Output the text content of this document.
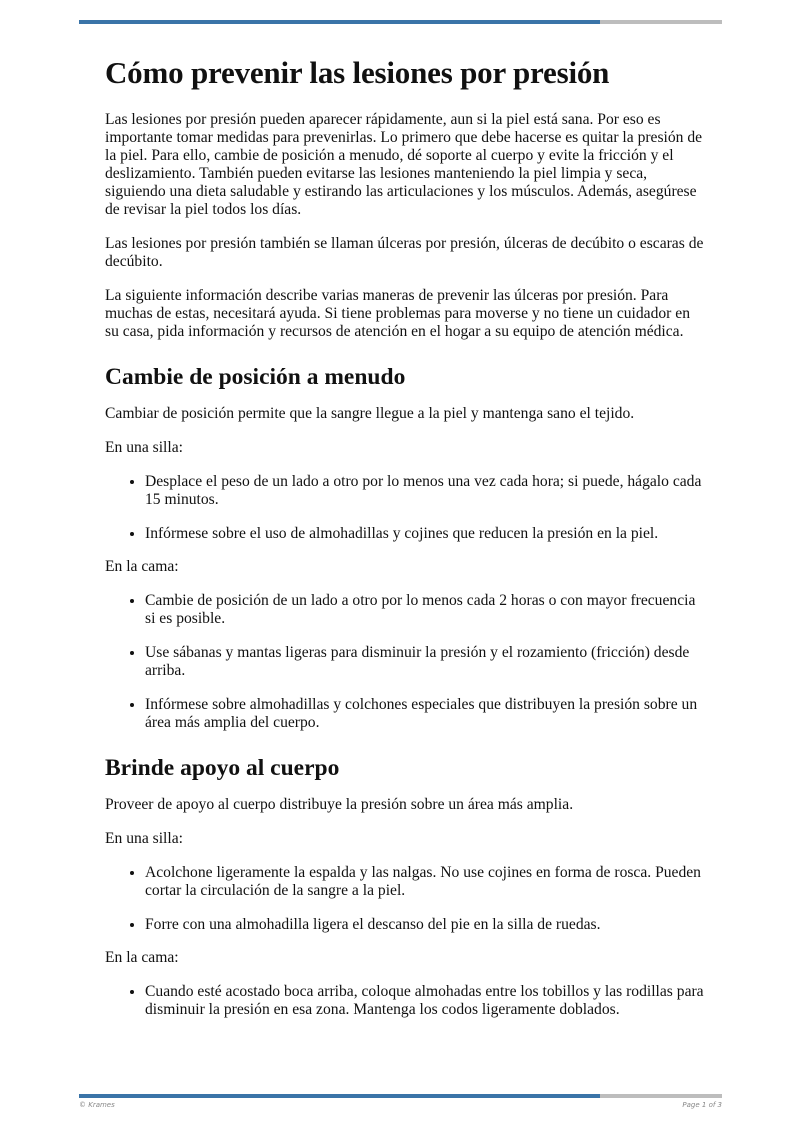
Cómo prevenir las lesiones por presión

Las lesiones por presión pueden aparecer rápidamente, aun si la piel está sana. Por eso es importante tomar medidas para prevenirlas. Lo primero que debe hacerse es quitar la presión de la piel. Para ello, cambie de posición a menudo, dé soporte al cuerpo y evite la fricción y el deslizamiento. También pueden evitarse las lesiones manteniendo la piel limpia y seca, siguiendo una dieta saludable y estirando las articulaciones y los músculos. Además, asegúrese de revisar la piel todos los días.

Las lesiones por presión también se llaman úlceras por presión, úlceras de decúbito o escaras de decúbito.

La siguiente información describe varias maneras de prevenir las úlceras por presión. Para muchas de estas, necesitará ayuda. Si tiene problemas para moverse y no tiene un cuidador en su casa, pida información y recursos de atención en el hogar a su equipo de atención médica.

Cambie de posición a menudo

Cambiar de posición permite que la sangre llegue a la piel y mantenga sano el tejido.

En una silla:

• Desplace el peso de un lado a otro por lo menos una vez cada hora; si puede, hágalo cada 15 minutos.
• Infórmese sobre el uso de almohadillas y cojines que reducen la presión en la piel.

En la cama:

• Cambie de posición de un lado a otro por lo menos cada 2 horas o con mayor frecuencia si es posible.
• Use sábanas y mantas ligeras para disminuir la presión y el rozamiento (fricción) desde arriba.
• Infórmese sobre almohadillas y colchones especiales que distribuyen la presión sobre un área más amplia del cuerpo.
Brinde apoyo al cuerpo

Proveer de apoyo al cuerpo distribuye la presión sobre un área más amplia.

En una silla:

• Acolchone ligeramente la espalda y las nalgas. No use cojines en forma de rosca. Pueden cortar la circulación de la sangre a la piel.
• Forre con una almohadilla ligera el descanso del pie en la silla de ruedas.

En la cama:

• Cuando esté acostado boca arriba, coloque almohadas entre los tobillos y las rodillas para disminuir la presión en esa zona. Mantenga los codos ligeramente doblados.
© Krames	Page 1 of 3
